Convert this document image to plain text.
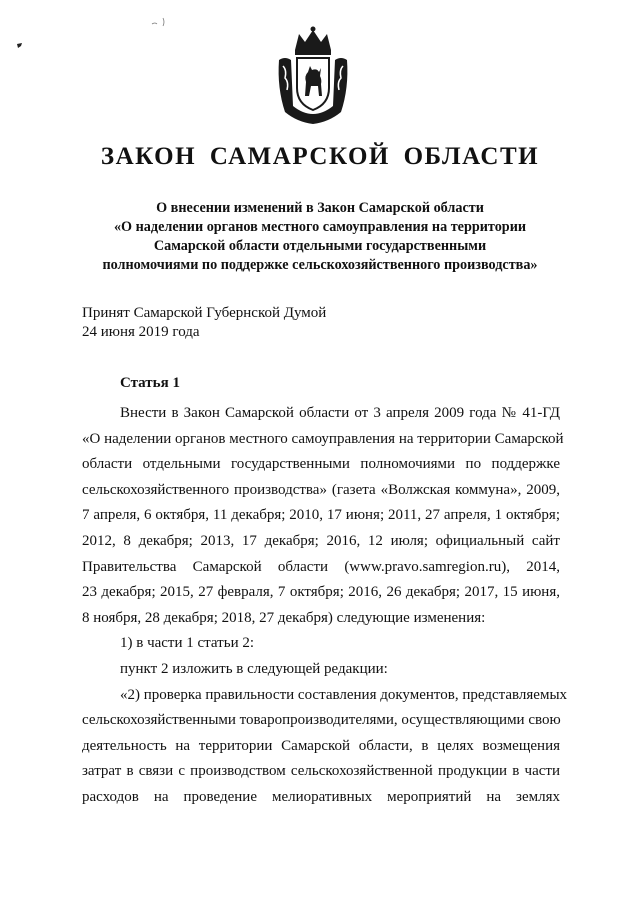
ЗАКОН САМАРСКОЙ ОБЛАСТИ
О внесении изменений в Закон Самарской области
«О наделении органов местного самоуправления на территории
Самарской области отдельными государственными
полномочиями по поддержке сельскохозяйственного производства»
Принят Самарской Губернской Думой
24 июня 2019 года
Статья 1
Внести в Закон Самарской области от 3 апреля 2009 года № 41-ГД
«О наделении органов местного самоуправления на территории Самарской
области отдельными государственными полномочиями по поддержке
сельскохозяйственного производства» (газета «Волжская коммуна», 2009,
7 апреля, 6 октября, 11 декабря; 2010, 17 июня; 2011, 27 апреля, 1 октября;
2012, 8 декабря; 2013, 17 декабря; 2016, 12 июля; официальный сайт
Правительства Самарской области (www.pravo.samregion.ru), 2014,
23 декабря; 2015, 27 февраля, 7 октября; 2016, 26 декабря; 2017, 15 июня,
8 ноября, 28 декабря; 2018, 27 декабря) следующие изменения:
1) в части 1 статьи 2:
пункт 2 изложить в следующей редакции:
«2) проверка правильности составления документов, представляемых
сельскохозяйственными товаропроизводителями, осуществляющими свою
деятельность на территории Самарской области, в целях возмещения
затрат в связи с производством сельскохозяйственной продукции в части
расходов на проведение мелиоративных мероприятий на землях
